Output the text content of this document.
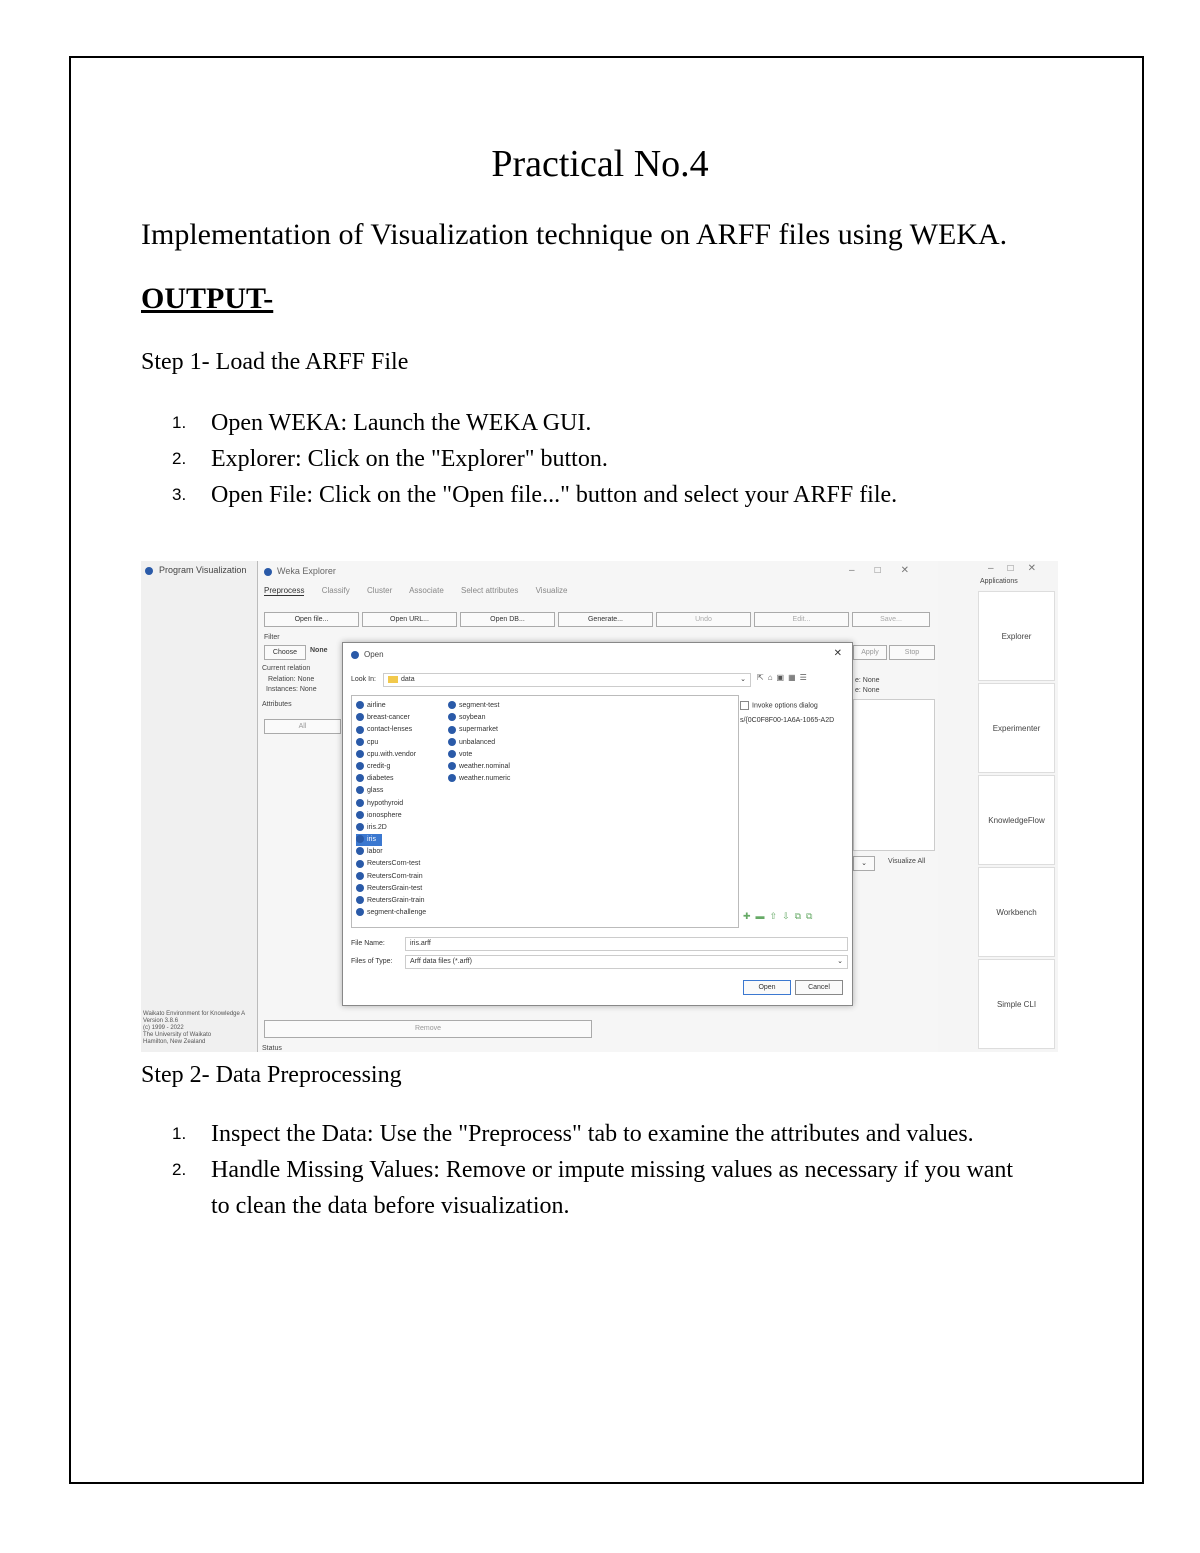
Practical No.4
Implementation of Visualization technique on ARFF files using WEKA.
OUTPUT-
Step 1- Load the ARFF File
1.	Open WEKA: Launch the WEKA GUI.
2.	Explorer: Click on the "Explorer" button.
3.	Open File: Click on the "Open file..." button and select your ARFF file.
Program Visualization
Waikato Environment for Knowledge A
Version 3.8.6
(c) 1999 - 2022
The University of Waikato
Hamilton, New Zealand
Weka Explorer	–□✕
Preprocess Classify Cluster Associate Select attributes Visualize
Open file...	Open URL...	Open DB...	Generate...	Undo	Edit...	Save...
Filter
Choose	None	Apply	Stop
Current relation
Relation: None
Instances: None
Attributes
All
e: None
e: None
⌄	Visualize All
Remove
Status
Applications
–□✕
Explorer
Experimenter
KnowledgeFlow
Workbench
Simple CLI
Open	✕
Look In:	data	⌄ ⇱⌂▣▦☰
airline
breast-cancer
contact-lenses
cpu
cpu.with.vendor
credit-g
diabetes
glass
hypothyroid
ionosphere
iris.2D
iris
labor
ReutersCorn-test
ReutersCorn-train
ReutersGrain-test
ReutersGrain-train
segment-challenge
segment-test
soybean
supermarket
unbalanced
vote
weather.nominal
weather.numeric
Invoke options dialog
s/{0C0F8F00-1A6A-1065-A2D
✚▬⇧⇩⧉⧉
File Name:	iris.arff
Files of Type:	Arff data files (*.arff)	⌄
Open	Cancel
Step 2- Data Preprocessing
1.	Inspect the Data: Use the "Preprocess" tab to examine the attributes and values.
2.	Handle Missing Values: Remove or impute missing values as necessary if you want to clean the data before visualization.
